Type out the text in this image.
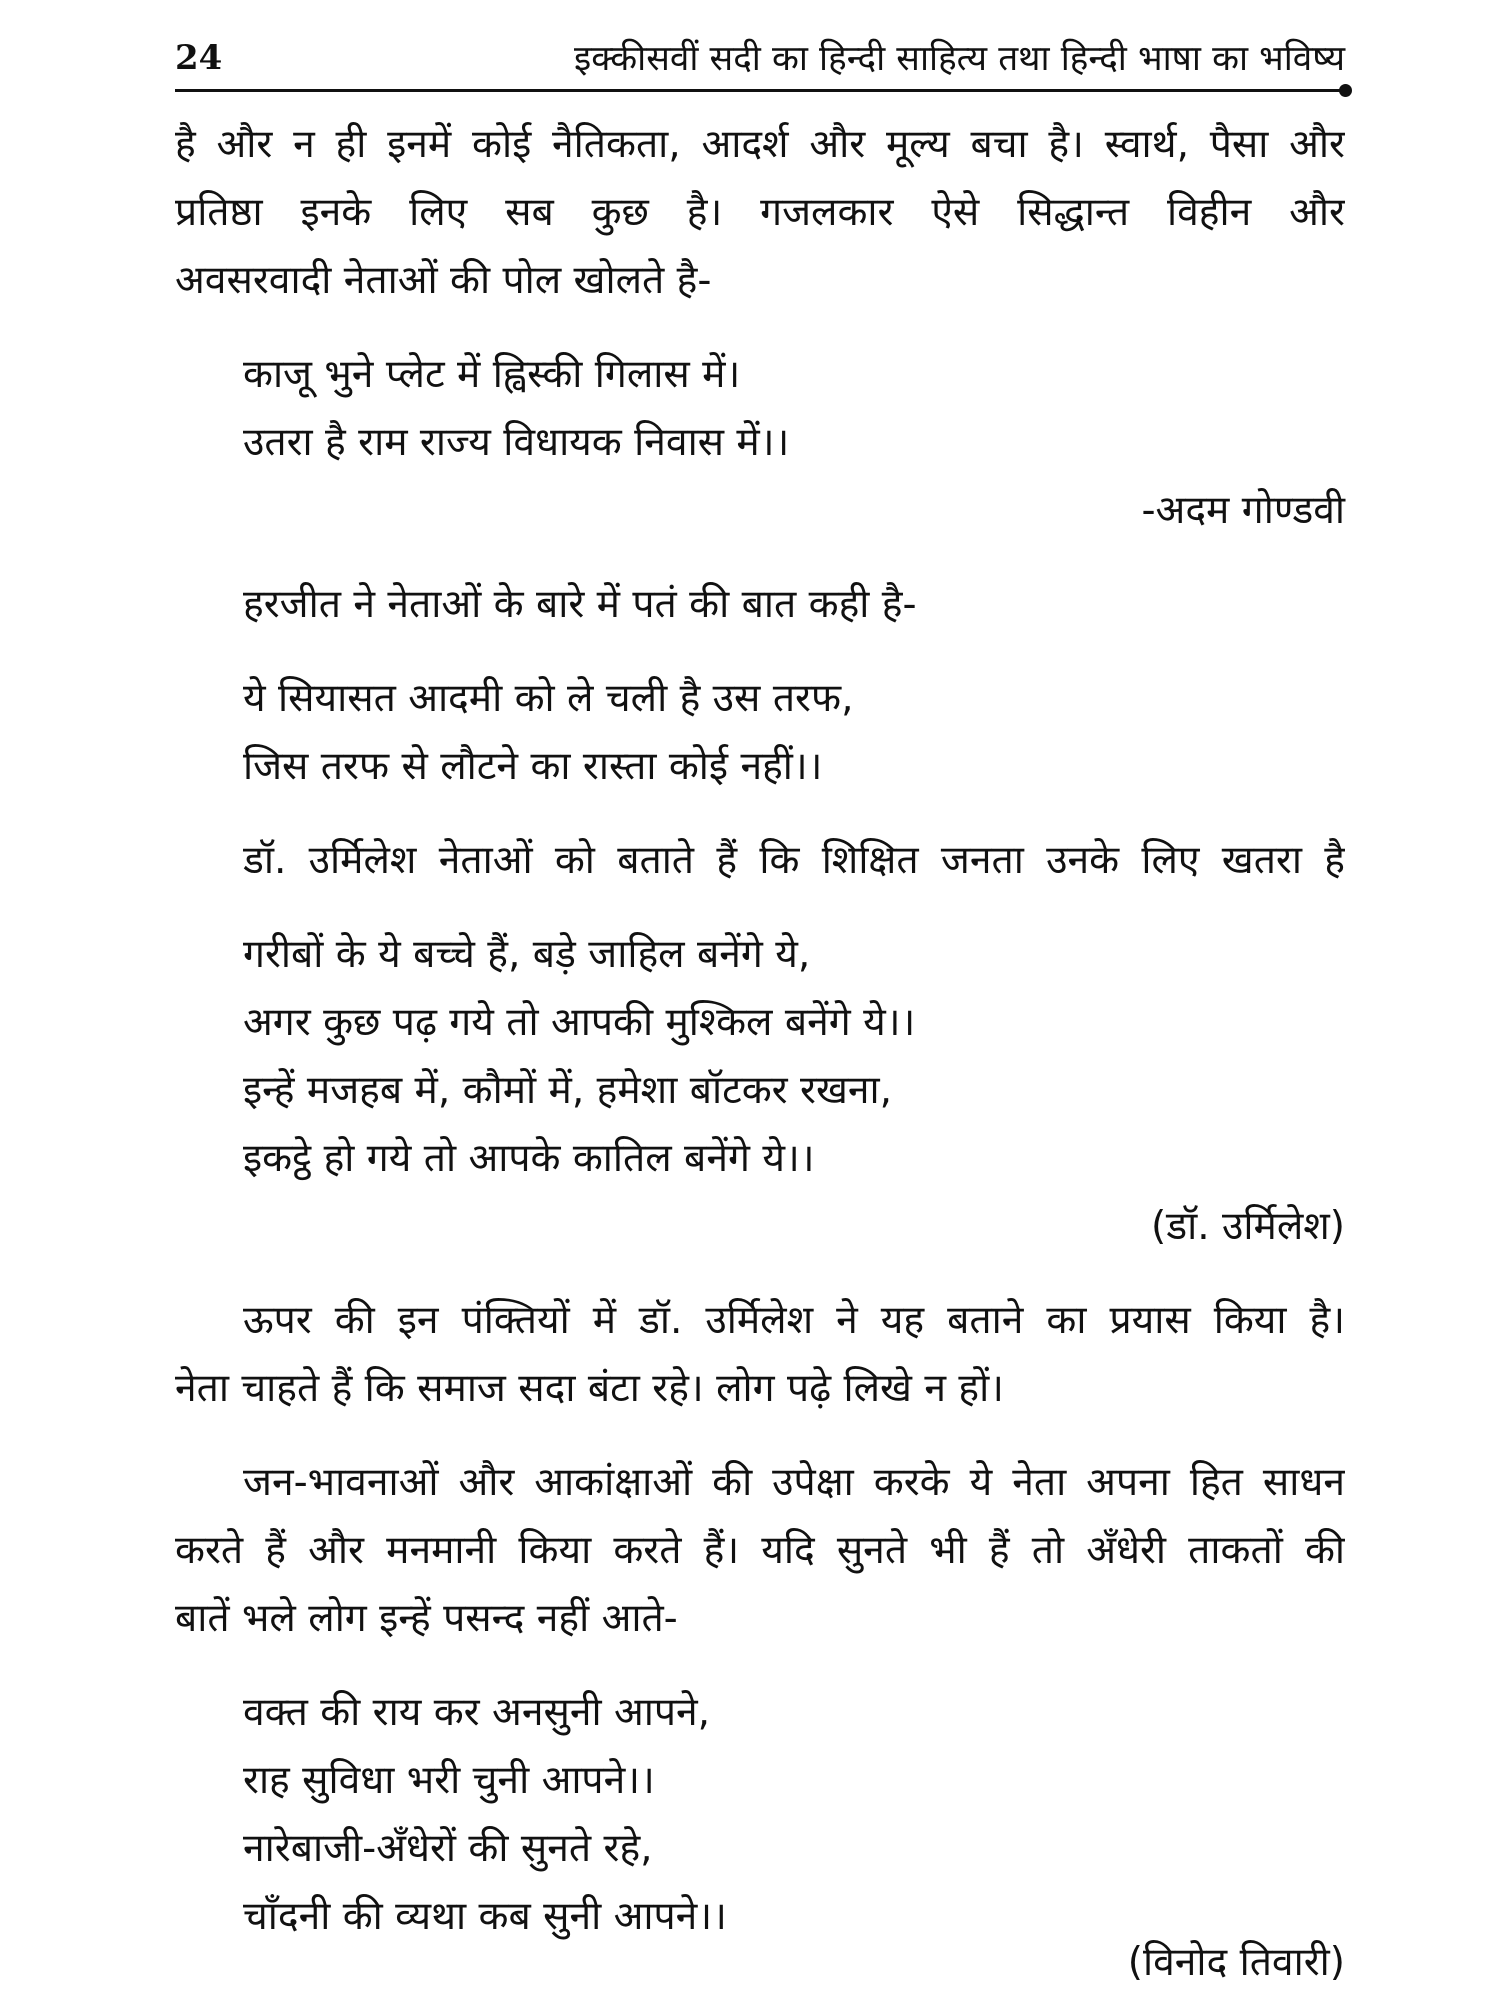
24	इक्कीसवीं सदी का हिन्दी साहित्य तथा हिन्दी भाषा का भविष्य
है और न ही इनमें कोई नैतिकता, आदर्श और मूल्य बचा है। स्वार्थ, पैसा और
प्रतिष्ठा इनके लिए सब कुछ है। गजलकार ऐसे सिद्धान्त विहीन और
अवसरवादी नेताओं की पोल खोलते है-
काजू भुने प्लेट में ह्विस्की गिलास में।
उतरा है राम राज्य विधायक निवास में।।
-अदम गोण्डवी
हरजीत ने नेताओं के बारे में पतं की बात कही है-
ये सियासत आदमी को ले चली है उस तरफ,
जिस तरफ से लौटने का रास्ता कोई नहीं।।
डॉ. उर्मिलेश नेताओं को बताते हैं कि शिक्षित जनता उनके लिए खतरा है
गरीबों के ये बच्चे हैं, बड़े जाहिल बनेंगे ये,
अगर कुछ पढ़ गये तो आपकी मुश्किल बनेंगे ये।।
इन्हें मजहब में, कौमों में, हमेशा बॉटकर रखना,
इकट्ठे हो गये तो आपके कातिल बनेंगे ये।।
(डॉ. उर्मिलेश)
ऊपर की इन पंक्तियों में डॉ. उर्मिलेश ने यह बताने का प्रयास किया है।
नेता चाहते हैं कि समाज सदा बंटा रहे। लोग पढ़े लिखे न हों।
जन-भावनाओं और आकांक्षाओं की उपेक्षा करके ये नेता अपना हित साधन
करते हैं और मनमानी किया करते हैं। यदि सुनते भी हैं तो अँधेरी ताकतों की
बातें भले लोग इन्हें पसन्द नहीं आते-
वक्त की राय कर अनसुनी आपने,
राह सुविधा भरी चुनी आपने।।
नारेबाजी-अँधेरों की सुनते रहे,
चाँदनी की व्यथा कब सुनी आपने।।
(विनोद तिवारी)
